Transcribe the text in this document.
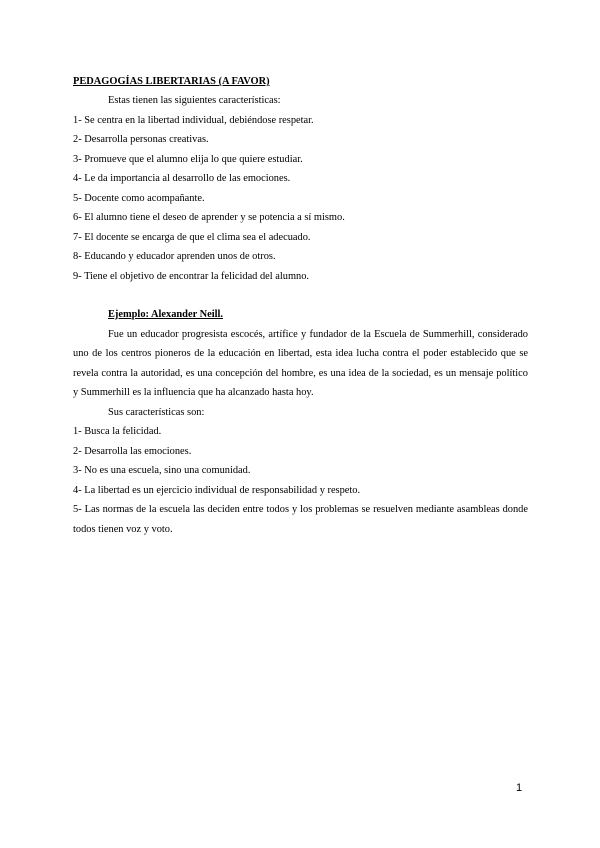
PEDAGOGÍAS LIBERTARIAS (A FAVOR)

Estas tienen las siguientes características:

1- Se centra en la libertad individual, debiéndose respetar.

2- Desarrolla personas creativas.

3- Promueve que el alumno elija lo que quiere estudiar.

4- Le da importancia al desarrollo de las emociones.

5- Docente como acompañante.

6- El alumno tiene el deseo de aprender y se potencia a sí mismo.

7- El docente se encarga de que el clima sea el adecuado.

8- Educando y educador aprenden unos de otros.

9- Tiene el objetivo de encontrar la felicidad del alumno.

Ejemplo: Alexander Neill.

Fue un educador progresista escocés, artífice y fundador de la Escuela de Summerhill, considerado uno de los centros pioneros de la educación en libertad, esta idea lucha contra el poder establecido que se revela contra la autoridad, es una concepción del hombre, es una idea de la sociedad, es un mensaje político y Summerhill es la influencia que ha alcanzado hasta hoy.

Sus características son:

1- Busca la felicidad.

2- Desarrolla las emociones.

3- No es una escuela, sino una comunidad.

4- La libertad es un ejercicio individual de responsabilidad y respeto.

5- Las normas de la escuela las deciden entre todos y los problemas se resuelven mediante asambleas donde todos tienen voz y voto.

1
